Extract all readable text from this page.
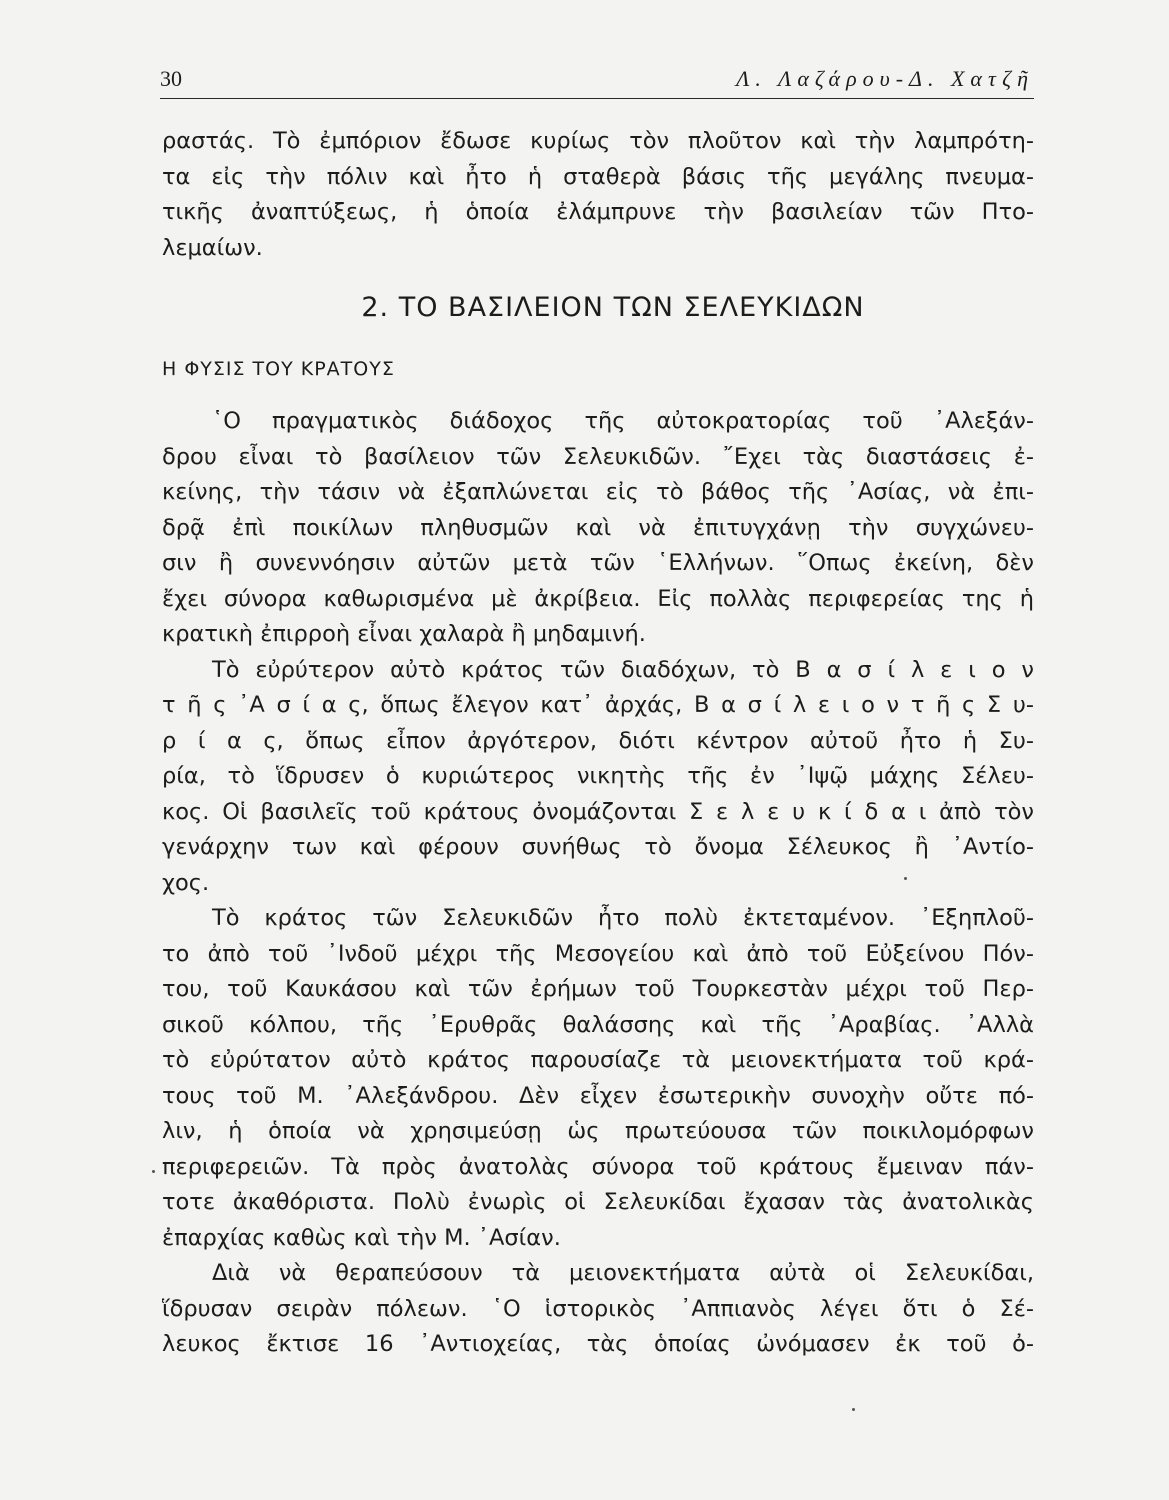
30	Λ. Λαζάρου-Δ. Χατζῆ
ραστάς. Τὸ ἐμπόριον ἔδωσε κυρίως τὸν πλοῦτον καὶ τὴν λαμπρότη-
τα εἰς τὴν πόλιν καὶ ἦτο ἡ σταθερὰ βάσις τῆς μεγάλης πνευμα-
τικῆς ἀναπτύξεως, ἡ ὁποία ἐλάμπρυνε τὴν βασιλείαν τῶν Πτο-
λεμαίων.
2. ΤΟ ΒΑΣΙΛΕΙΟΝ ΤΩΝ ΣΕΛΕΥΚΙΔΩΝ
Η ΦΥΣΙΣ ΤΟΥ ΚΡΑΤΟΥΣ
῾Ο πραγματικὸς διάδοχος τῆς αὐτοκρατορίας τοῦ ᾿Αλεξάν-
δρου εἶναι τὸ βασίλειον τῶν Σελευκιδῶν. ῎Εχει τὰς διαστάσεις ἐ-
κείνης, τὴν τάσιν νὰ ἐξαπλώνεται εἰς τὸ βάθος τῆς ᾿Ασίας, νὰ ἐπι-
δρᾷ ἐπὶ ποικίλων πληθυσμῶν καὶ νὰ ἐπιτυγχάνῃ τὴν συγχώνευ-
σιν ἢ συνεννόησιν αὐτῶν μετὰ τῶν ῾Ελλήνων. ῞Οπως ἐκείνη, δὲν
ἔχει σύνορα καθωρισμένα μὲ ἀκρίβεια. Εἰς πολλὰς περιφερείας της ἡ
κρατικὴ ἐπιρροὴ εἶναι χαλαρὰ ἢ μηδαμινή.
Τὸ εὐρύτερον αὐτὸ κράτος τῶν διαδόχων, τὸ Β α σ ί λ ε ι ο ν
τ ῆ ς ᾿Α σ ί α ς, ὅπως ἔλεγον κατ᾿ ἀρχάς, Β α σ ί λ ε ι ο ν τ ῆ ς Σ υ-
ρ ί α ς, ὅπως εἶπον ἀργότερον, διότι κέντρον αὐτοῦ ἦτο ἡ Συ-
ρία, τὸ ἵδρυσεν ὁ κυριώτερος νικητὴς τῆς ἐν ᾿Ιψῷ μάχης Σέλευ-
κος. Οἱ βασιλεῖς τοῦ κράτους ὀνομάζονται Σ ε λ ε υ κ ί δ α ι ἀπὸ τὸν
γενάρχην των καὶ φέρουν συνήθως τὸ ὄνομα Σέλευκος ἢ ᾿Αντίο-
χος.
Τὸ κράτος τῶν Σελευκιδῶν ἦτο πολὺ ἐκτεταμένον. ᾿Εξηπλοῦ-
το ἀπὸ τοῦ ᾿Ινδοῦ μέχρι τῆς Μεσογείου καὶ ἀπὸ τοῦ Εὐξείνου Πόν-
του, τοῦ Καυκάσου καὶ τῶν ἐρήμων τοῦ Τουρκεστὰν μέχρι τοῦ Περ-
σικοῦ κόλπου, τῆς ᾿Ερυθρᾶς θαλάσσης καὶ τῆς ᾿Αραβίας. ᾿Αλλὰ
τὸ εὐρύτατον αὐτὸ κράτος παρουσίαζε τὰ μειονεκτήματα τοῦ κρά-
τους τοῦ Μ. ᾿Αλεξάνδρου. Δὲν εἶχεν ἐσωτερικὴν συνοχὴν οὔτε πό-
λιν, ἡ ὁποία νὰ χρησιμεύσῃ ὡς πρωτεύουσα τῶν ποικιλομόρφων
περιφερειῶν. Τὰ πρὸς ἀνατολὰς σύνορα τοῦ κράτους ἔμειναν πάν-
τοτε ἀκαθόριστα. Πολὺ ἐνωρὶς οἱ Σελευκίδαι ἔχασαν τὰς ἀνατολικὰς
ἐπαρχίας καθὼς καὶ τὴν Μ. ᾿Ασίαν.
Διὰ νὰ θεραπεύσουν τὰ μειονεκτήματα αὐτὰ οἱ Σελευκίδαι,
ἵδρυσαν σειρὰν πόλεων. ῾Ο ἱστορικὸς ᾿Αππιανὸς λέγει ὅτι ὁ Σέ-
λευκος ἔκτισε 16 ᾿Αντιοχείας, τὰς ὁποίας ὠνόμασεν ἐκ τοῦ ὀ-
